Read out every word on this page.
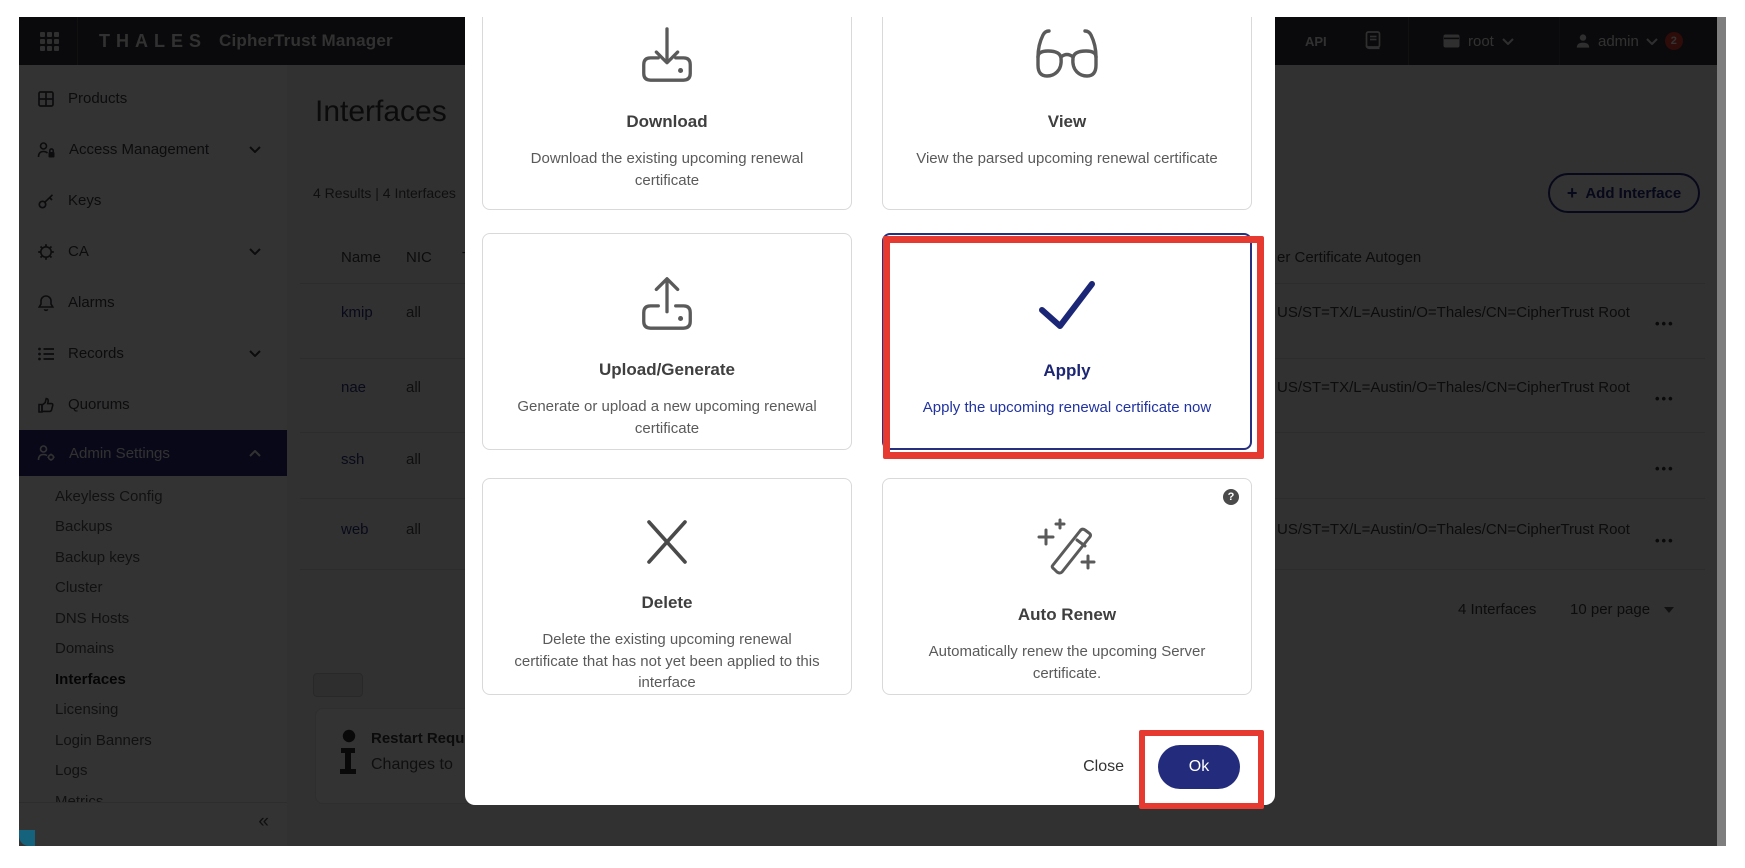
Download
Download the existing upcoming renewal certificate
View
View the parsed upcoming renewal certificate
Upload/Generate
Generate or upload a new upcoming renewal certificate
Apply
Apply the upcoming renewal certificate now
Delete
Delete the existing upcoming renewal certificate that has not yet been applied to this interface
?
Auto Renew
Automatically renew the upcoming Server certificate.
Close	Ok
